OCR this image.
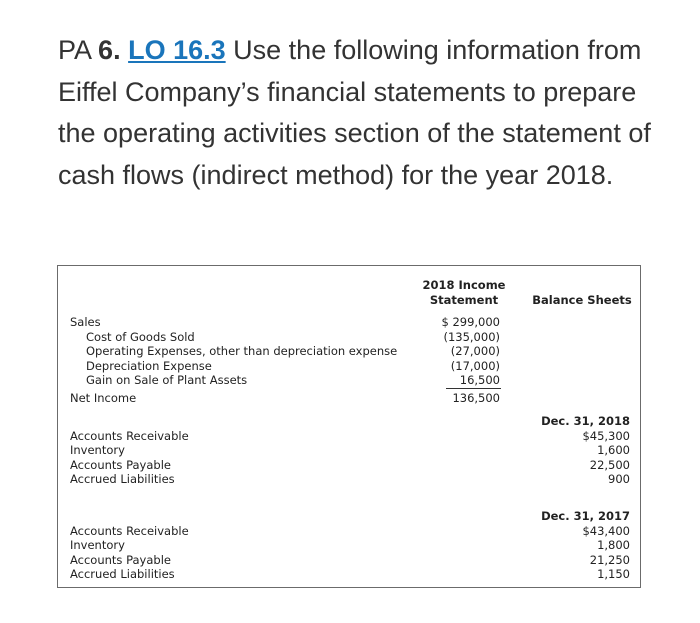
PA 6. LO 16.3 Use the following information from Eiffel Company’s financial statements to prepare the operating activities section of the statement of cash flows (indirect method) for the year 2018.
2018 Income
Statement	Balance Sheets
Sales
Cost of Goods Sold
Operating Expenses, other than depreciation expense
Depreciation Expense
Gain on Sale of Plant Assets
Net Income
$ 299,000
(135,000)
(27,000)
(17,000)
16,500
136,500
Dec. 31, 2018
Accounts Receivable
Inventory
Accounts Payable
Accrued Liabilities
$45,300
1,600
22,500
900
Dec. 31, 2017
Accounts Receivable
Inventory
Accounts Payable
Accrued Liabilities
$43,400
1,800
21,250
1,150
